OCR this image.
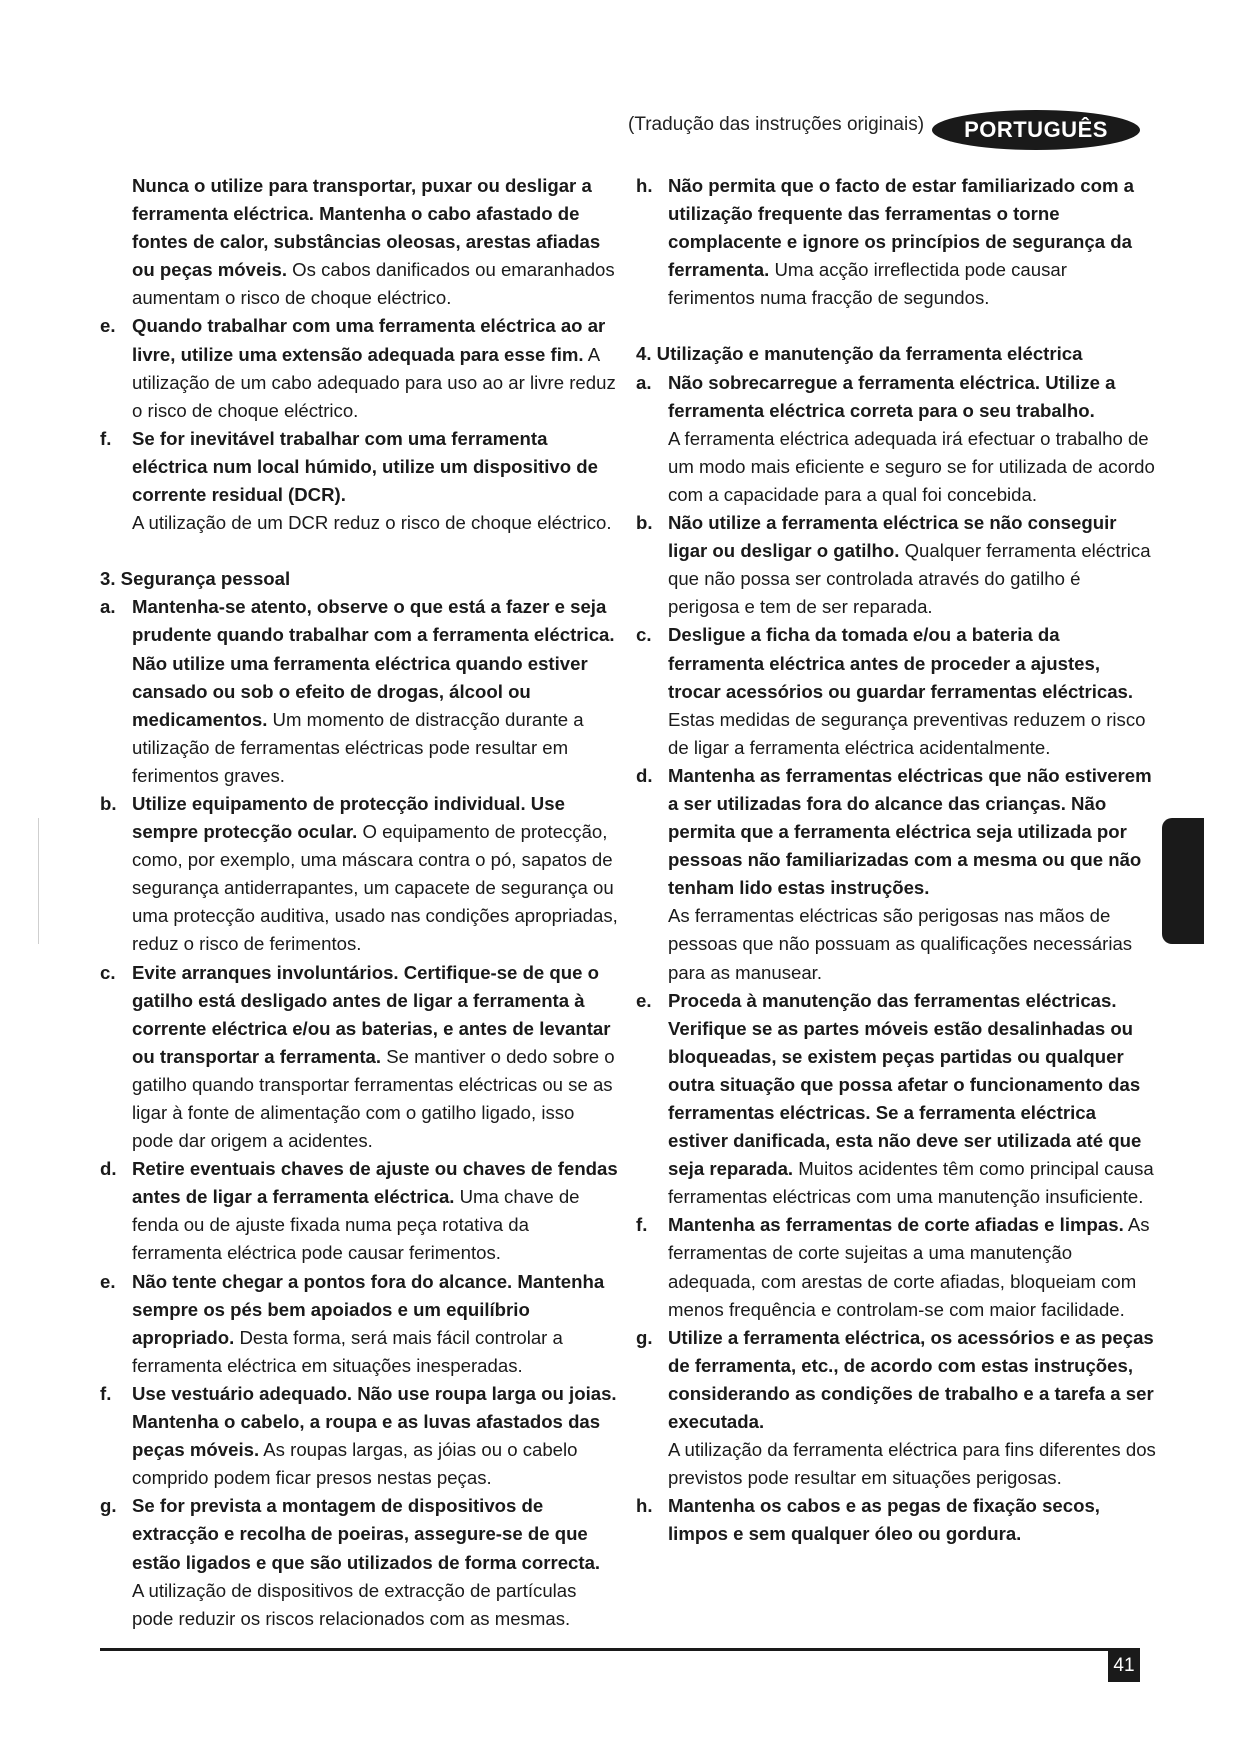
(Tradução das instruções originais)	PORTUGUÊS
Nunca o utilize para transportar, puxar ou desligar a ferramenta eléctrica. Mantenha o cabo afastado de fontes de calor, substâncias oleosas, arestas afiadas ou peças móveis. Os cabos danificados ou emaranhados aumentam o risco de choque eléctrico.
e. Quando trabalhar com uma ferramenta eléctrica ao ar livre, utilize uma extensão adequada para esse fim. A utilização de um cabo adequado para uso ao ar livre reduz o risco de choque eléctrico.
f. Se for inevitável trabalhar com uma ferramenta eléctrica num local húmido, utilize um dispositivo de corrente residual (DCR).
A utilização de um DCR reduz o risco de choque eléctrico.
3. Segurança pessoal
a. Mantenha-se atento, observe o que está a fazer e seja prudente quando trabalhar com a ferramenta eléctrica. Não utilize uma ferramenta eléctrica quando estiver cansado ou sob o efeito de drogas, álcool ou medicamentos. Um momento de distracção durante a utilização de ferramentas eléctricas pode resultar em ferimentos graves.
b. Utilize equipamento de protecção individual. Use sempre protecção ocular. O equipamento de protecção, como, por exemplo, uma máscara contra o pó, sapatos de segurança antiderrapantes, um capacete de segurança ou uma protecção auditiva, usado nas condições apropriadas, reduz o risco de ferimentos.
c. Evite arranques involuntários. Certifique-se de que o gatilho está desligado antes de ligar a ferramenta à corrente eléctrica e/ou as baterias, e antes de levantar ou transportar a ferramenta. Se mantiver o dedo sobre o gatilho quando transportar ferramentas eléctricas ou se as ligar à fonte de alimentação com o gatilho ligado, isso pode dar origem a acidentes.
d. Retire eventuais chaves de ajuste ou chaves de fendas antes de ligar a ferramenta eléctrica. Uma chave de fenda ou de ajuste fixada numa peça rotativa da ferramenta eléctrica pode causar ferimentos.
e. Não tente chegar a pontos fora do alcance. Mantenha sempre os pés bem apoiados e um equilíbrio apropriado. Desta forma, será mais fácil controlar a ferramenta eléctrica em situações inesperadas.
f. Use vestuário adequado. Não use roupa larga ou joias. Mantenha o cabelo, a roupa e as luvas afastados das peças móveis. As roupas largas, as jóias ou o cabelo comprido podem ficar presos nestas peças.
g. Se for prevista a montagem de dispositivos de extracção e recolha de poeiras, assegure-se de que estão ligados e que são utilizados de forma correcta.
A utilização de dispositivos de extracção de partículas pode reduzir os riscos relacionados com as mesmas.
h. Não permita que o facto de estar familiarizado com a utilização frequente das ferramentas o torne complacente e ignore os princípios de segurança da ferramenta. Uma acção irreflectida pode causar ferimentos numa fracção de segundos.
4. Utilização e manutenção da ferramenta eléctrica
a. Não sobrecarregue a ferramenta eléctrica. Utilize a ferramenta eléctrica correta para o seu trabalho.
A ferramenta eléctrica adequada irá efectuar o trabalho de um modo mais eficiente e seguro se for utilizada de acordo com a capacidade para a qual foi concebida.
b. Não utilize a ferramenta eléctrica se não conseguir ligar ou desligar o gatilho. Qualquer ferramenta eléctrica que não possa ser controlada através do gatilho é perigosa e tem de ser reparada.
c. Desligue a ficha da tomada e/ou a bateria da ferramenta eléctrica antes de proceder a ajustes, trocar acessórios ou guardar ferramentas eléctricas.
Estas medidas de segurança preventivas reduzem o risco de ligar a ferramenta eléctrica acidentalmente.
d. Mantenha as ferramentas eléctricas que não estiverem a ser utilizadas fora do alcance das crianças. Não permita que a ferramenta eléctrica seja utilizada por pessoas não familiarizadas com a mesma ou que não tenham lido estas instruções.
As ferramentas eléctricas são perigosas nas mãos de pessoas que não possuam as qualificações necessárias para as manusear.
e. Proceda à manutenção das ferramentas eléctricas. Verifique se as partes móveis estão desalinhadas ou bloqueadas, se existem peças partidas ou qualquer outra situação que possa afetar o funcionamento das ferramentas eléctricas. Se a ferramenta eléctrica estiver danificada, esta não deve ser utilizada até que seja reparada. Muitos acidentes têm como principal causa ferramentas eléctricas com uma manutenção insuficiente.
f. Mantenha as ferramentas de corte afiadas e limpas. As ferramentas de corte sujeitas a uma manutenção adequada, com arestas de corte afiadas, bloqueiam com menos frequência e controlam-se com maior facilidade.
g. Utilize a ferramenta eléctrica, os acessórios e as peças de ferramenta, etc., de acordo com estas instruções, considerando as condições de trabalho e a tarefa a ser executada.
A utilização da ferramenta eléctrica para fins diferentes dos previstos pode resultar em situações perigosas.
h. Mantenha os cabos e as pegas de fixação secos, limpos e sem qualquer óleo ou gordura.
41
